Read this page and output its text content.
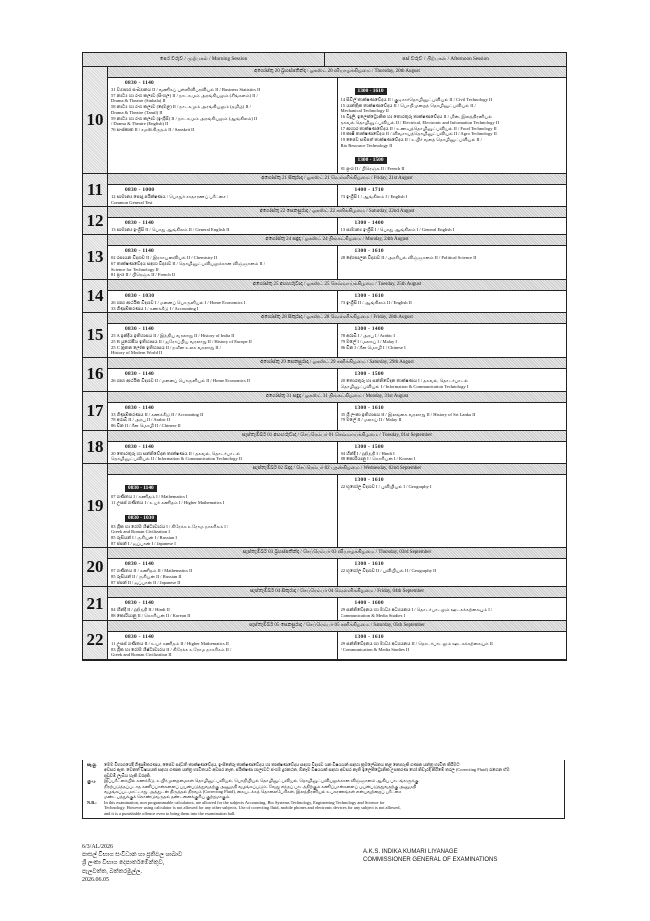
පෙර වරුව / முற்பகல் / Morning Session	පස් වරුව / பிற்பகல் / Afternoon Session
10
අගෝස්තු 20 බ්‍රහස්පතින්දා / ஓகஸ்ட் 20 வியாழக்கிழமை / Thursday, 20th August
0830 - 1140
31 ව්‍යාපාර සංඛ්‍යානය II / வணிகப் புள்ளிவிபரவியல் II / Business Statistics II
57 නාට්‍ය හා රංග කලාව (සිංහල) II / நாடகமும் அரங்கியலும் (சிங்களம்) II /
Drama & Theatre (Sinhala) II
58 නාට්‍ය හා රංග කලාව (දෙමළ) II / நாடகமும் அரங்கியலும் (தமிழ்) II /
Drama & Theatre (Tamil) II
59 නාට්‍ය හා රංග කලාව (ඉංග්‍රීසි) II / நாடகமும் அரங்கியலும் (ஆங்கிலம்) II
/ Drama & Theatre (English) II
76 සංස්කෘත II / சமஸ்கிருதம் II / Sanskrit II
1300 - 1610
14 සිවිල් තාක්ෂණවේදය II / குடிசார்தொழினுட்பவியல் II / Civil Technology II
15 යාන්ත්‍රික තාක්ෂණවේදය II / பொறிமுறைத் தொழினுட்பவியல் II /
Mechanical Technology II
16 විදුලි, ඉලෙක්ට්‍රොනික හා තොරතුරු තාක්ෂණවේදය II / மின், இலத்திரனியல்
தகவல் தொழினுட்பவியல் II / Electrical, Electronic and Information Technology II
17 ආහාර තාක්ෂණවේදය II / உணவுத்தொழினுட்பவியல் II / Food Technology II
18 කෘෂි තාක්ෂණවේදය II / விவசாயத்தொழினுட்பவியல் II / Agro Technology II
19 ජෛව සම්පත් තාක්ෂණවේදය II / உயிர் வளத் தொழினுட்பவியல் II /
Bio Resource Technology II
1300 - 1500
81 ප්‍රංශ II / பிரெஞ்சு II / French II
11
අගෝස්තු 21 සිකුරාදා / ஓகஸ்ட் 21 வெள்ளிக்கிழமை / Friday, 21st August
0830 - 1000
12 සාමාන්‍ය පොදු පරීක්ෂණය / பொதுச் சாதாரணப் பரீட்சை /
Common General Test
1400 - 1710
73 ඉංග්‍රීසි I / ஆங்கிலம் I / English I
12	අගෝස්තු 22 සෙනසුරාදා / ஓகஸ்ட் 22 சனிக்கிழமை / Saturday, 22nd August
0830 - 1140
13 සාමාන්‍ය ඉංග්‍රීසි II / பொது ஆங்கிலம் II / General English II
1300 - 1400
13 සාමාන්‍ය ඉංග්‍රීසි I / பொது ஆங்கிலம் I / General English I
13
අගෝස්තු 24 සඳුදා / ஓகஸ்ட் 24 திங்கட்கிழமை / Monday, 24th August
0830 - 1140
02 රසායන විද්‍යාව II / இரசாயனவியல் II / Chemistry II
67 තාක්ෂණවේදය සඳහා විද්‍යාව II / தொழினுட்பவியலுக்கான விஞ்ஞானம் II /
Science for Technology II
81 ප්‍රංශ II / பிரெஞ்சு II / French II
1300 - 1610
28 දේශපාලන විද්‍යාව II / அரசியல் விஞ்ஞானம் II / Political Science II
14
අගෝස්තු 25 අඟහරුවාදා / ஓகஸ்ட் 25 செவ்வாய்க்கிழமை / Tuesday, 25th August
0830 - 1030
26 ගෘහ ආර්ථික විද්‍යාව I / மனைப் பொருளியல் I / Home Economics I
33 ගිණුම්කරණය I / கணக்கீடு I / Accounting I
1300 - 1610
73 ඉංග්‍රීසි II / ஆங்கிலம் II / English II
15
අගෝස්තු 28 සිකුරාදා / ஓகஸ்ட் 28 வெள்ளிக்கிழமை / Friday, 28th August
0830 - 1140
25 A ඉන්දීය ඉතිහාසය II / இந்திய வரலாறு II / History of India II
25 B යුරෝපීය ඉතිහාසය II / ஐரோப்பிய வரலாறு II / History of Europe II
25 C නූතන ලෝක ඉතිහාසය II / நவீன உலக வரலாறு II /
History of Modern World II
1300 - 1400
78 අරාබි I / அரபு I / Arabic I
79 මලේ I / மலாய் I / Malay I
86 චීන I / சீன மொழி I / Chinese I
16
අගෝස්තු 29 සෙනසුරාදා / ஓகஸ்ட் 29 சனிக்கிழமை / Saturday, 29th August
0830 - 1140
26 ගෘහ ආර්ථික විද්‍යාව II / மனைப் பொருளியல் II / Home Economics II
1300 - 1500
20 තොරතුරු හා සන්නිවේදන තාක්ෂණය I / தகவல், தொடர்பாடல்
தொழினுட்பவியல் I / Information & Communication Technology I
17
අගෝස්තු 31 සඳුදා / ஓகஸ்ட் 31 திங்கட்கிழமை / Monday, 31st August
0830 - 1140
33 ගිණුම්කරණය II / கணக்கீடு II / Accounting II
78 අරාබි II / அரபு II / Arabic II
86 චීන II / சீன மொழி II / Chinese II
1300 - 1610
35 ශ්‍රී ලංකා ඉතිහාසය II / இலங்கை வரலாறு II / History of Sri Lanka II
79 මලේ II / மலாய் II / Malay II
18
සැප්තැම්බර් 01 අඟහරුවාදා / செப்ரெம்பர் 01 செவ்வாய்க்கிழமை / Tuesday, 01st September
0830 - 1140
20 තොරතුරු හා සන්නිවේදන තාක්ෂණය II / தகவல், தொடர்பாடல்
தொழினுட்பவியல் II / Information & Communication Technology II
1300 - 1500
84 හින්දි I / ஹிந்தி I / Hindi I
88 කොරියානු I / கொரியன் I / Korean I
19
සැප්තැම්බර් 02 බදාදා / செப்ரெம்பர் 02 புதன்கிழமை / Wednesday, 02nd September
0830 - 1140
07 ගණිතය I / கணிதம் I / Mathematics I
11 උසස් ගණිතය I / உயர் கணிதம் I / Higher Mathematics I
0830 - 1030
83 ග්‍රීක හා රෝම ශිෂ්ටාචාරය I / கிரேக்க உரோம நாகரிகம் I /
Greek and Roman Civilization I
85 රුසියන් I / ருசியன் I / Russian I
87 ජපන් I / ஜப்பான் I / Japanese I
1300 - 1610
22 භූගෝල විද්‍යාව I / புவியியல் I / Geography I
20
සැප්තැම්බර් 03 බ්‍රහස්පතින්දා / செப்ரெம்பர் 03 வியாழக்கிழமை / Thursday, 03rd September
0830 - 1140
07 ගණිතය II / கணிதம் II / Mathematics II
85 රුසියන් II / ருசியன் II / Russian II
87 ජපන් II / ஜப்பான் II / Japanese II
1300 - 1610
22 භූගෝල විද්‍යාව II / புவியியல் II / Geography II
21
සැප්තැම්බර් 04 සිකුරාදා / செப்ரெம்பர் 04 வெள்ளிக்கிழமை / Friday, 04th September
0830 - 1140
84 හින්දි II / ஹிந்தி II / Hindi II
88 කොරියානු II / கொரியன் II / Korean II
1400 - 1600
29 සන්නිවේදනය හා මාධ්‍ය අධ්‍යයනය I / தொடர்பாடலும் ஊடகக்கற்கையும் I /
Communication & Media Studies I
22
සැප්තැම්බර් 05 සෙනසුරාදා / செப்ரெம்பர் 05 சனிக்கிழமை / Saturday, 05th September
0830 - 1140
11 උසස් ගණිතය II / உயர் கணிதம் II / Higher Mathematics II
83 ග්‍රීක හා රෝම ශිෂ්ටාචාරය II / கிரேக்க உரோம நாகரிகம் II /
Greek and Roman Civilization II
1300 - 1610
29 සන්නිවේදනය හා මාධ්‍ය අධ්‍යයනය II / தொடர்பாடலும் ஊடகக்கற்கையும் II
/ Communication & Media Studies II
සැ.යු. මෙම විභාගයේදී ගිණුම්කරණය, ජෛව පද්ධති තාක්ෂණවේදය, ඉංජිනේරු තාක්ෂණවේදය හා තාක්ෂණවේදය සඳහා විද්‍යාව යන විෂයයන් සඳහා ක්‍රමලේඛනය කළ නොහැකි ගණක යන්ත්‍ර භාවිත කිරීමට
අවසර ඇත. වෙනත් විෂයයක් සඳහා ගණක යන්ත්‍ර භාවිතයට අවසර නැත. පරීක්ෂණ ශාලාවට ජංගම දුරකථන, ඕනෑම විෂයයක් සඳහා අවසර නැති ඉලෙක්ට්‍රොනික උපකරණ හෝ නිවැරදි කිරීමේ තරල (Correcting Fluid) රැගෙන ඒම
දඬුවම් ලැබිය හැකි වරදකි.
கு.பு. இப்பரீட்சையில் கணக்கீடு, உயிர்முறைமைகள் தொழினுட்பவியல், பொறியியல் தொழினுட்பவியல், தொழினுட்பவியலுக்கான விஞ்ஞானம் ஆகிய பாடங்களுக்கு
நிரற்படுத்தப்படாத கணிப்பான்களைப் பயன்படுத்துவதற்கு அனுமதி வழங்கப்படும். வேறு எந்தப் பாடத்திற்கும் கணிப்பான்களைப் பயன்படுத்துவதற்கு அனுமதி
வழங்கப்படமாட்டாது. அத்துடன் திருத்தல் திரவம் (Correcting Fluid), கையடக்கத் தொலைபேசிகள், இலத்திரனியல் உபகரணங்கள் என்பவற்றைப் பரீட்சை
மண்டபத்துக்குக் கொண்டுவருதல் தண்டனைக்குரிய குற்றமாகும்.
N.B.: In this examination, non programmable calculators, are allowed for the subjects Accounting, Bio Systems Technology, Engineering Technology and Science for
Technology. However using calculator is not allowed for any other subjects. Use of correcting fluid, mobile phones and electronic devices for any subject is not allowed,
and it is a punishable offence even to bring them into the examination hall.
6/3/AL/2026
පාසල් විභාග සංවිධාන හා ප්‍රතිඵල ශාඛාව
ශ්‍රී ලංකා විභාග දෙපාර්තමේන්තුව,
පැලවත්ත, බත්තරමුල්ල.
2026.06.05
A.K.S. INDIKA KUMARI LIYANAGE
COMMISSIONER GENERAL OF EXAMINATIONS
